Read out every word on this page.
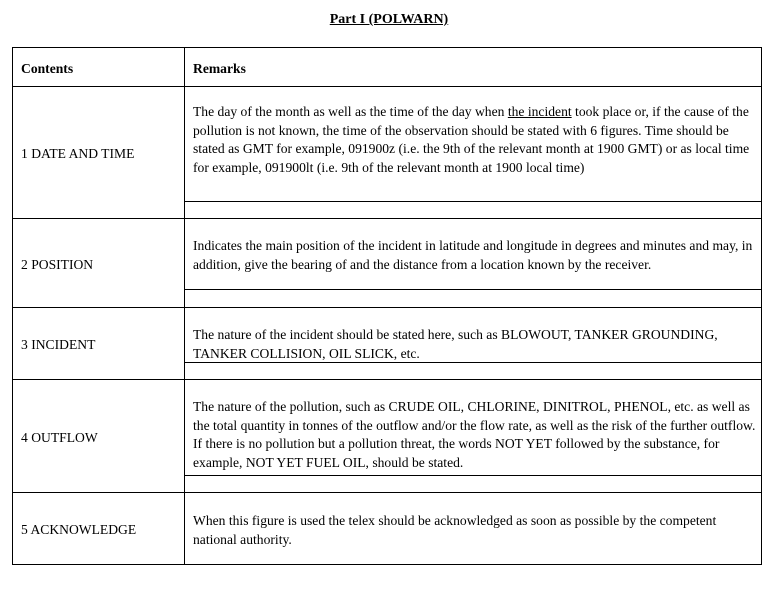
Part I (POLWARN)
Contents	Remarks
1 DATE AND TIME
The day of the month as well as the time of the day when the incident took place or, if the cause of the pollution is not known, the time of the observation should be stated with 6 figures. Time should be stated as GMT for example, 091900z (i.e. the 9th of the relevant month at 1900 GMT) or as local time for example, 091900lt (i.e. 9th of the relevant month at 1900 local time)
2 POSITION
Indicates the main position of the incident in latitude and longitude in degrees and minutes and may, in addition, give the bearing of and the distance from a location known by the receiver.
3 INCIDENT
The nature of the incident should be stated here, such as BLOWOUT, TANKER GROUNDING, TANKER COLLISION, OIL SLICK, etc.
4 OUTFLOW
The nature of the pollution, such as CRUDE OIL, CHLORINE, DINITROL, PHENOL, etc. as well as the total quantity in tonnes of the outflow and/or the flow rate, as well as the risk of the further outflow. If there is no pollution but a pollution threat, the words NOT YET followed by the substance, for example, NOT YET FUEL OIL, should be stated.
5 ACKNOWLEDGE
When this figure is used the telex should be acknowledged as soon as possible by the competent national authority.
